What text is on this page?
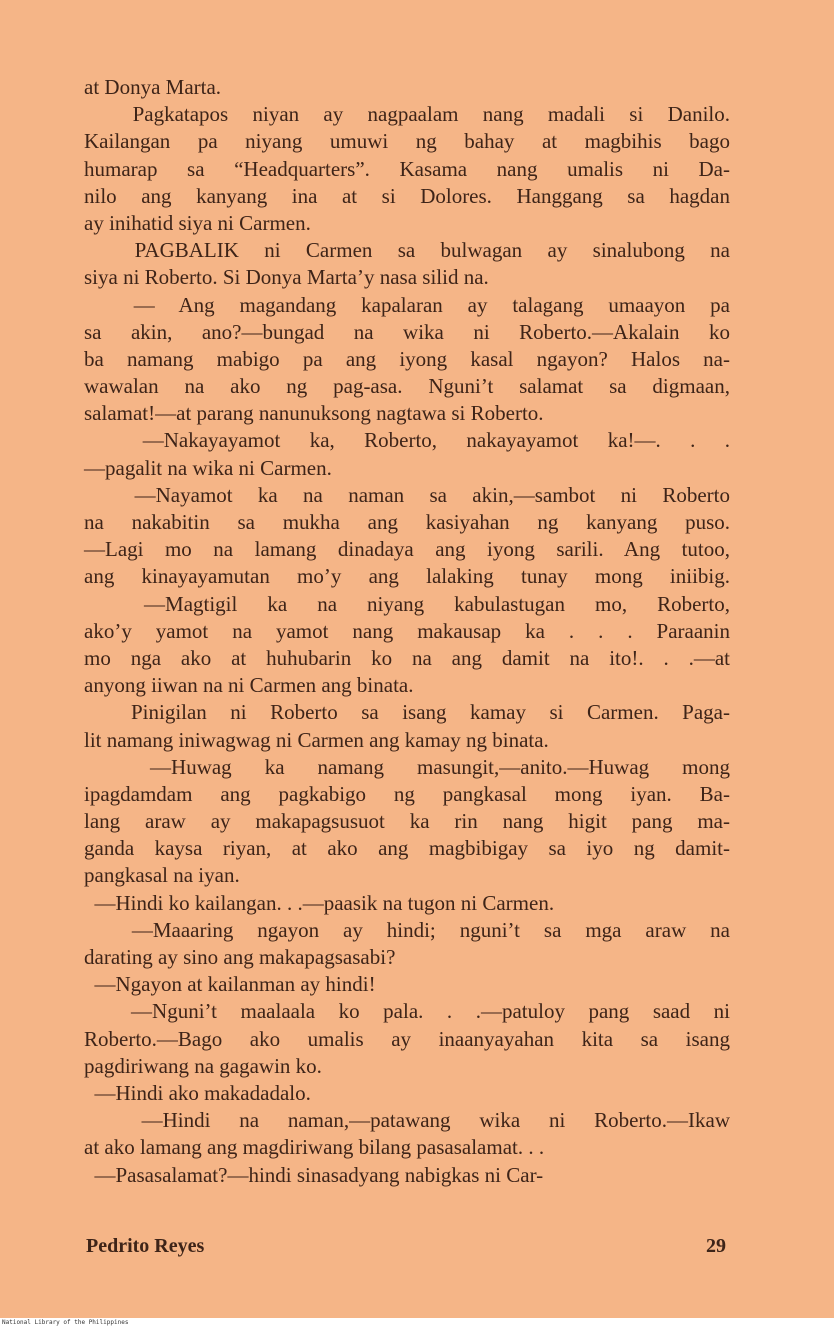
at Donya Marta.
Pagkatapos niyan ay nagpaalam nang madali si Danilo.
Kailangan pa niyang umuwi ng bahay at magbihis bago
humarap sa “Headquarters”. Kasama nang umalis ni Da-
nilo ang kanyang ina at si Dolores. Hanggang sa hagdan
ay inihatid siya ni Carmen.
PAGBALIK ni Carmen sa bulwagan ay sinalubong na
siya ni Roberto. Si Donya Marta’y nasa silid na.
— Ang magandang kapalaran ay talagang umaayon pa
sa akin, ano?—bungad na wika ni Roberto.—Akalain ko
ba namang mabigo pa ang iyong kasal ngayon? Halos na-
wawalan na ako ng pag-asa. Nguni’t salamat sa digmaan,
salamat!—at parang nanunuksong nagtawa si Roberto.
—Nakayayamot ka, Roberto, nakayayamot ka!—. . .
—pagalit na wika ni Carmen.
—Nayamot ka na naman sa akin,—sambot ni Roberto
na nakabitin sa mukha ang kasiyahan ng kanyang puso.
—Lagi mo na lamang dinadaya ang iyong sarili. Ang tutoo,
ang kinayayamutan mo’y ang lalaking tunay mong iniibig.
—Magtigil ka na niyang kabulastugan mo, Roberto,
ako’y yamot na yamot nang makausap ka . . . Paraanin
mo nga ako at huhubarin ko na ang damit na ito!. . .—at
anyong iiwan na ni Carmen ang binata.
Pinigilan ni Roberto sa isang kamay si Carmen. Paga-
lit namang iniwagwag ni Carmen ang kamay ng binata.
—Huwag ka namang masungit,—anito.—Huwag mong
ipagdamdam ang pagkabigo ng pangkasal mong iyan. Ba-
lang araw ay makapagsusuot ka rin nang higit pang ma-
ganda kaysa riyan, at ako ang magbibigay sa iyo ng damit-
pangkasal na iyan.
—Hindi ko kailangan. . .—paasik na tugon ni Carmen.
—Maaaring ngayon ay hindi; nguni’t sa mga araw na
darating ay sino ang makapagsasabi?
—Ngayon at kailanman ay hindi!
—Nguni’t maalaala ko pala. . .—patuloy pang saad ni
Roberto.—Bago ako umalis ay inaanyayahan kita sa isang
pagdiriwang na gagawin ko.
—Hindi ako makadadalo.
—Hindi na naman,—patawang wika ni Roberto.—Ikaw
at ako lamang ang magdiriwang bilang pasasalamat. . .
—Pasasalamat?—hindi sinasadyang nabigkas ni Car-
Pedrito Reyes	29
National Library of the Philippines
